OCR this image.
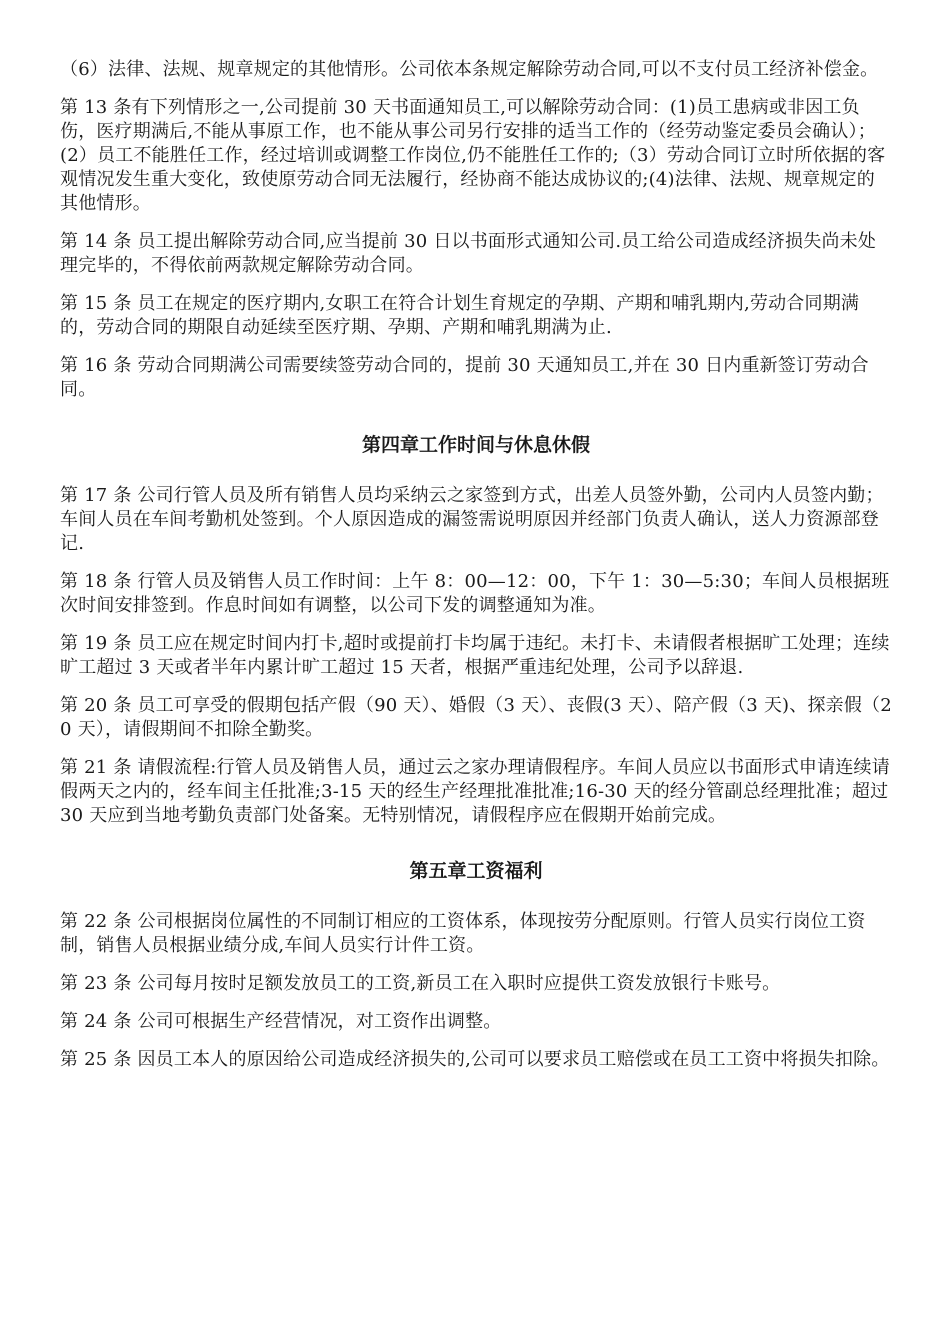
（6）法律、法规、规章规定的其他情形。公司依本条规定解除劳动合同,可以不支付员工经济补偿金。

第 13 条有下列情形之一,公司提前 30 天书面通知员工,可以解除劳动合同：(1)员工患病或非因工负伤，医疗期满后,不能从事原工作，也不能从事公司另行安排的适当工作的（经劳动鉴定委员会确认）；(2）员工不能胜任工作，经过培训或调整工作岗位,仍不能胜任工作的;（3）劳动合同订立时所依据的客观情况发生重大变化，致使原劳动合同无法履行，经协商不能达成协议的;(4)法律、法规、规章规定的其他情形。

第 14 条 员工提出解除劳动合同,应当提前 30 日以书面形式通知公司.员工给公司造成经济损失尚未处理完毕的，不得依前两款规定解除劳动合同。

第 15 条 员工在规定的医疗期内,女职工在符合计划生育规定的孕期、产期和哺乳期内,劳动合同期满的，劳动合同的期限自动延续至医疗期、孕期、产期和哺乳期满为止.

第 16 条 劳动合同期满公司需要续签劳动合同的，提前 30 天通知员工,并在 30 日内重新签订劳动合同。

第四章工作时间与休息休假

第 17 条 公司行管人员及所有销售人员均采纳云之家签到方式，出差人员签外勤，公司内人员签内勤；车间人员在车间考勤机处签到。个人原因造成的漏签需说明原因并经部门负责人确认，送人力资源部登记.

第 18 条 行管人员及销售人员工作时间：上午 8：00—12：00，下午 1：30—5:30；车间人员根据班次时间安排签到。作息时间如有调整，以公司下发的调整通知为准。

第 19 条 员工应在规定时间内打卡,超时或提前打卡均属于违纪。未打卡、未请假者根据旷工处理；连续旷工超过 3 天或者半年内累计旷工超过 15 天者，根据严重违纪处理，公司予以辞退.

第 20 条 员工可享受的假期包括产假（90 天）、婚假（3 天）、丧假(3 天）、陪产假（3 天)、探亲假（20 天），请假期间不扣除全勤奖。

第 21 条 请假流程:行管人员及销售人员，通过云之家办理请假程序。车间人员应以书面形式申请连续请假两天之内的，经车间主任批准;3-15 天的经生产经理批准批准;16-30 天的经分管副总经理批准；超过 30 天应到当地考勤负责部门处备案。无特别情况，请假程序应在假期开始前完成。

第五章工资福利

第 22 条 公司根据岗位属性的不同制订相应的工资体系，体现按劳分配原则。行管人员实行岗位工资制，销售人员根据业绩分成,车间人员实行计件工资。

第 23 条 公司每月按时足额发放员工的工资,新员工在入职时应提供工资发放银行卡账号。

第 24 条 公司可根据生产经营情况，对工资作出调整。

第 25 条 因员工本人的原因给公司造成经济损失的,公司可以要求员工赔偿或在员工工资中将损失扣除。
